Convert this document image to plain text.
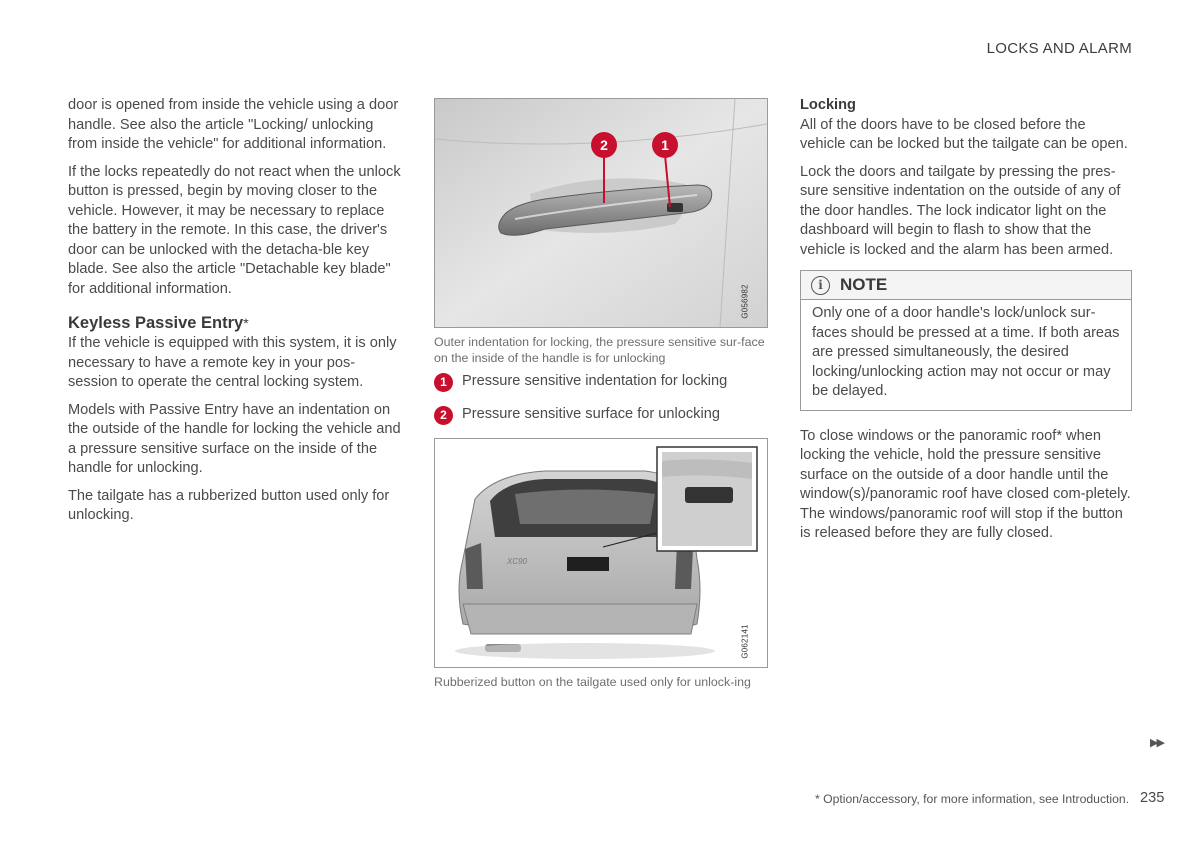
LOCKS AND ALARM

door is opened from inside the vehicle using a door handle. See also the article "Locking/ unlocking from inside the vehicle" for additional information.

If the locks repeatedly do not react when the unlock button is pressed, begin by moving closer to the vehicle. However, it may be necessary to replace the battery in the remote. In this case, the driver's door can be unlocked with the detacha-ble key blade. See also the article "Detachable key blade" for additional information.

Keyless Passive Entry*

If the vehicle is equipped with this system, it is only necessary to have a remote key in your pos-session to operate the central locking system.

Models with Passive Entry have an indentation on the outside of the handle for locking the vehicle and a pressure sensitive surface on the inside of the handle for unlocking.

The tailgate has a rubberized button used only for unlocking.

2	1
G056982
Outer indentation for locking, the pressure sensitive sur-face on the inside of the handle is for unlocking
1	Pressure sensitive indentation for locking
2	Pressure sensitive surface for unlocking
XC90
G062141
Rubberized button on the tailgate used only for unlock-ing
Locking

All of the doors have to be closed before the vehicle can be locked but the tailgate can be open.

Lock the doors and tailgate by pressing the pres-sure sensitive indentation on the outside of any of the door handles. The lock indicator light on the dashboard will begin to flash to show that the vehicle is locked and the alarm has been armed.

i	NOTE
Only one of a door handle's lock/unlock sur-faces should be pressed at a time. If both areas are pressed simultaneously, the desired locking/unlocking action may not occur or may be delayed.

To close windows or the panoramic roof* when locking the vehicle, hold the pressure sensitive surface on the outside of a door handle until the window(s)/panoramic roof have closed com-pletely. The windows/panoramic roof will stop if the button is released before they are fully closed.

▶▶
* Option/accessory, for more information, see Introduction. 235
